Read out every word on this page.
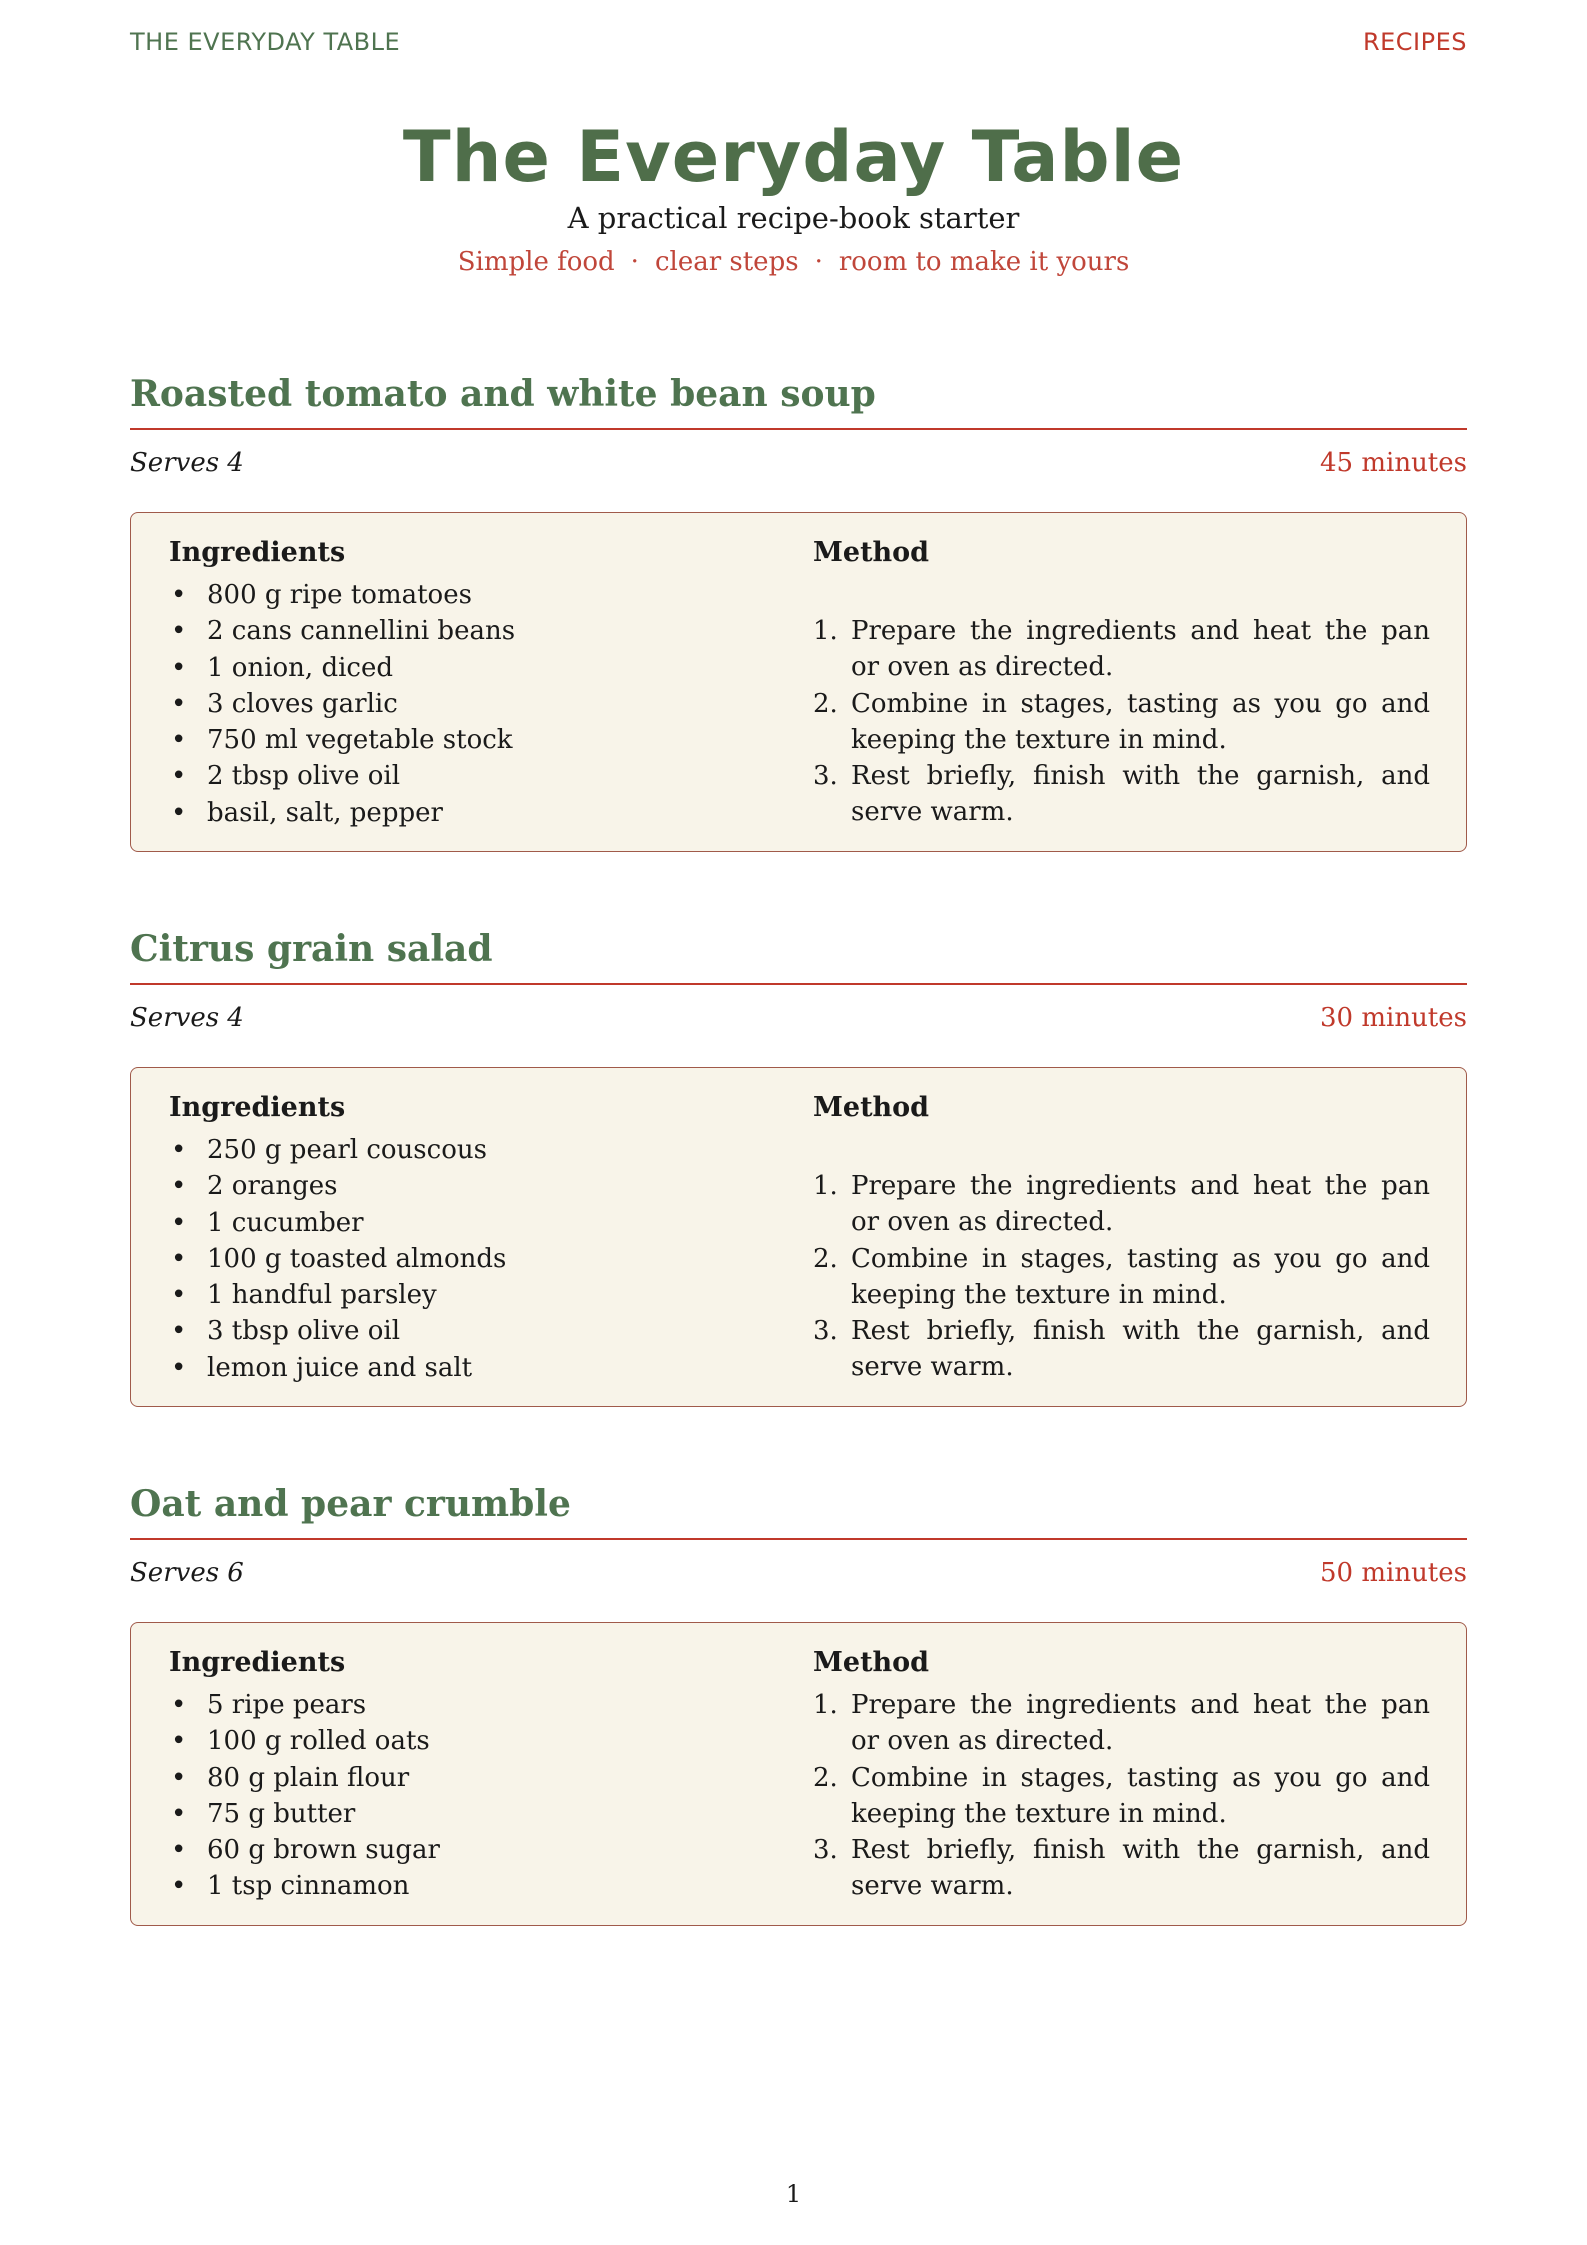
THE EVERYDAY TABLE	RECIPES
The Everyday Table
A practical recipe-book starter
Simple food · clear steps · room to make it yours
Roasted tomato and white bean soup
Serves 4	45 minutes
Ingredients
• 800 g ripe tomatoes
• 2 cans cannellini beans
• 1 onion, diced
• 3 cloves garlic
• 750 ml vegetable stock
• 2 tbsp olive oil
• basil, salt, pepper
Method
1. Prepare the ingredients and heat the pan or oven as directed.
2. Combine in stages, tasting as you go and keeping the texture in mind.
3. Rest briefly, finish with the garnish, and serve warm.
Citrus grain salad
Serves 4	30 minutes
Ingredients
• 250 g pearl couscous
• 2 oranges
• 1 cucumber
• 100 g toasted almonds
• 1 handful parsley
• 3 tbsp olive oil
• lemon juice and salt
Method
1. Prepare the ingredients and heat the pan or oven as directed.
2. Combine in stages, tasting as you go and keeping the texture in mind.
3. Rest briefly, finish with the garnish, and serve warm.
Oat and pear crumble
Serves 6	50 minutes
Ingredients
• 5 ripe pears
• 100 g rolled oats
• 80 g plain flour
• 75 g butter
• 60 g brown sugar
• 1 tsp cinnamon
Method
1. Prepare the ingredients and heat the pan or oven as directed.
2. Combine in stages, tasting as you go and keeping the texture in mind.
3. Rest briefly, finish with the garnish, and serve warm.
1
